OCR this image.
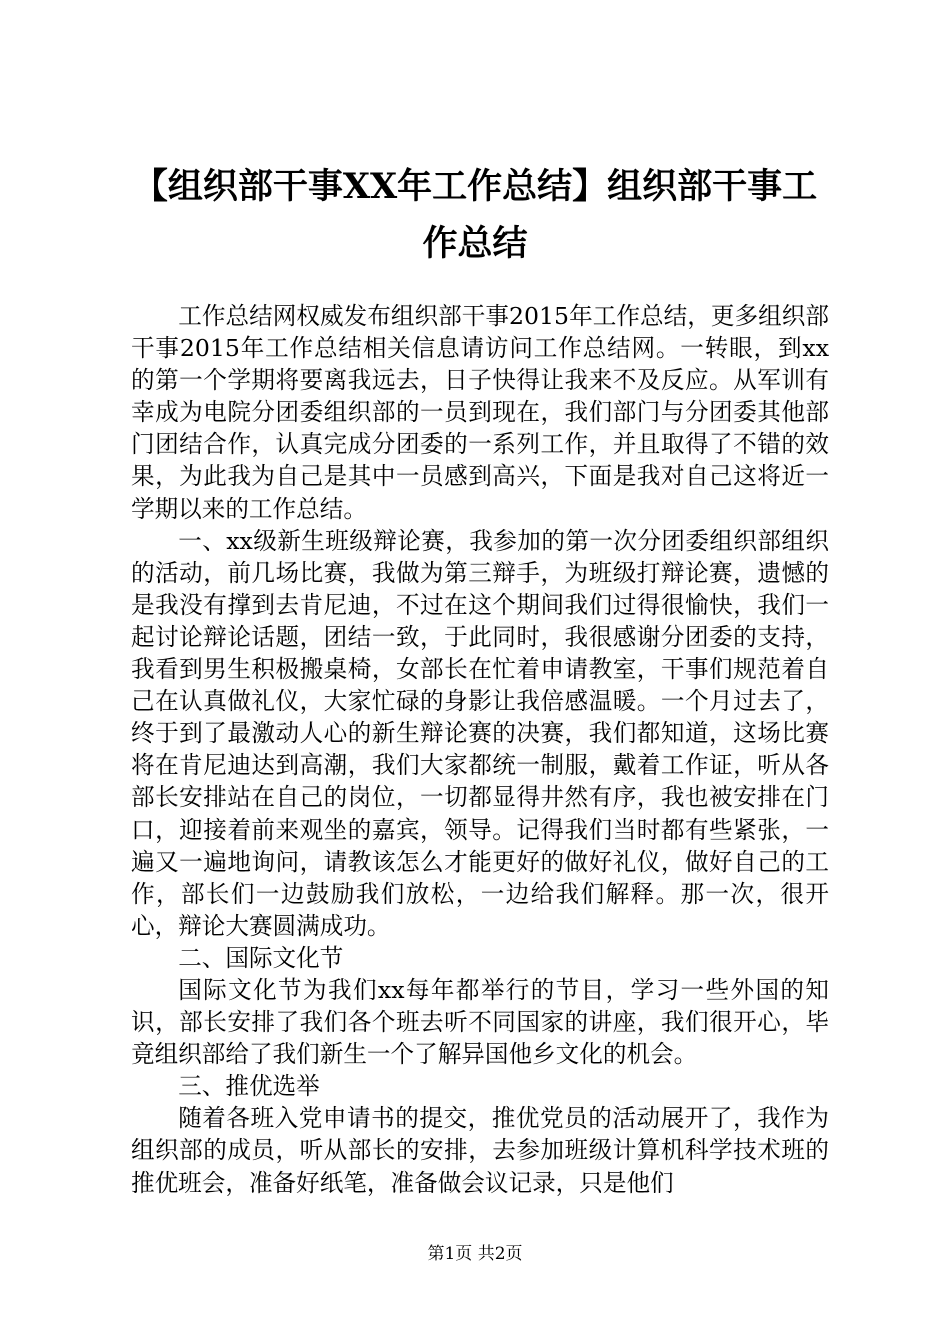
【组织部干事XX年工作总结】组织部干事工作总结

工作总结网权威发布组织部干事2015年工作总结，更多组织部干事2015年工作总结相关信息请访问工作总结网。一转眼，到xx的第一个学期将要离我远去，日子快得让我来不及反应。从军训有幸成为电院分团委组织部的一员到现在，我们部门与分团委其他部门团结合作，认真完成分团委的一系列工作，并且取得了不错的效果，为此我为自己是其中一员感到高兴，下面是我对自己这将近一学期以来的工作总结。

一、xx级新生班级辩论赛，我参加的第一次分团委组织部组织的活动，前几场比赛，我做为第三辩手，为班级打辩论赛，遗憾的是我没有撑到去肯尼迪，不过在这个期间我们过得很愉快，我们一起讨论辩论话题，团结一致，于此同时，我很感谢分团委的支持，我看到男生积极搬桌椅，女部长在忙着申请教室，干事们规范着自己在认真做礼仪，大家忙碌的身影让我倍感温暖。一个月过去了，终于到了最激动人心的新生辩论赛的决赛，我们都知道，这场比赛将在肯尼迪达到高潮，我们大家都统一制服，戴着工作证，听从各部长安排站在自己的岗位，一切都显得井然有序，我也被安排在门口，迎接着前来观坐的嘉宾，领导。记得我们当时都有些紧张，一遍又一遍地询问，请教该怎么才能更好的做好礼仪，做好自己的工作，部长们一边鼓励我们放松，一边给我们解释。那一次，很开心，辩论大赛圆满成功。

二、国际文化节

国际文化节为我们xx每年都举行的节目，学习一些外国的知识，部长安排了我们各个班去听不同国家的讲座，我们很开心，毕竟组织部给了我们新生一个了解异国他乡文化的机会。

三、推优选举

随着各班入党申请书的提交，推优党员的活动展开了，我作为组织部的成员，听从部长的安排，去参加班级计算机科学技术班的推优班会，准备好纸笔，准备做会议记录，只是他们

第1页 共2页
